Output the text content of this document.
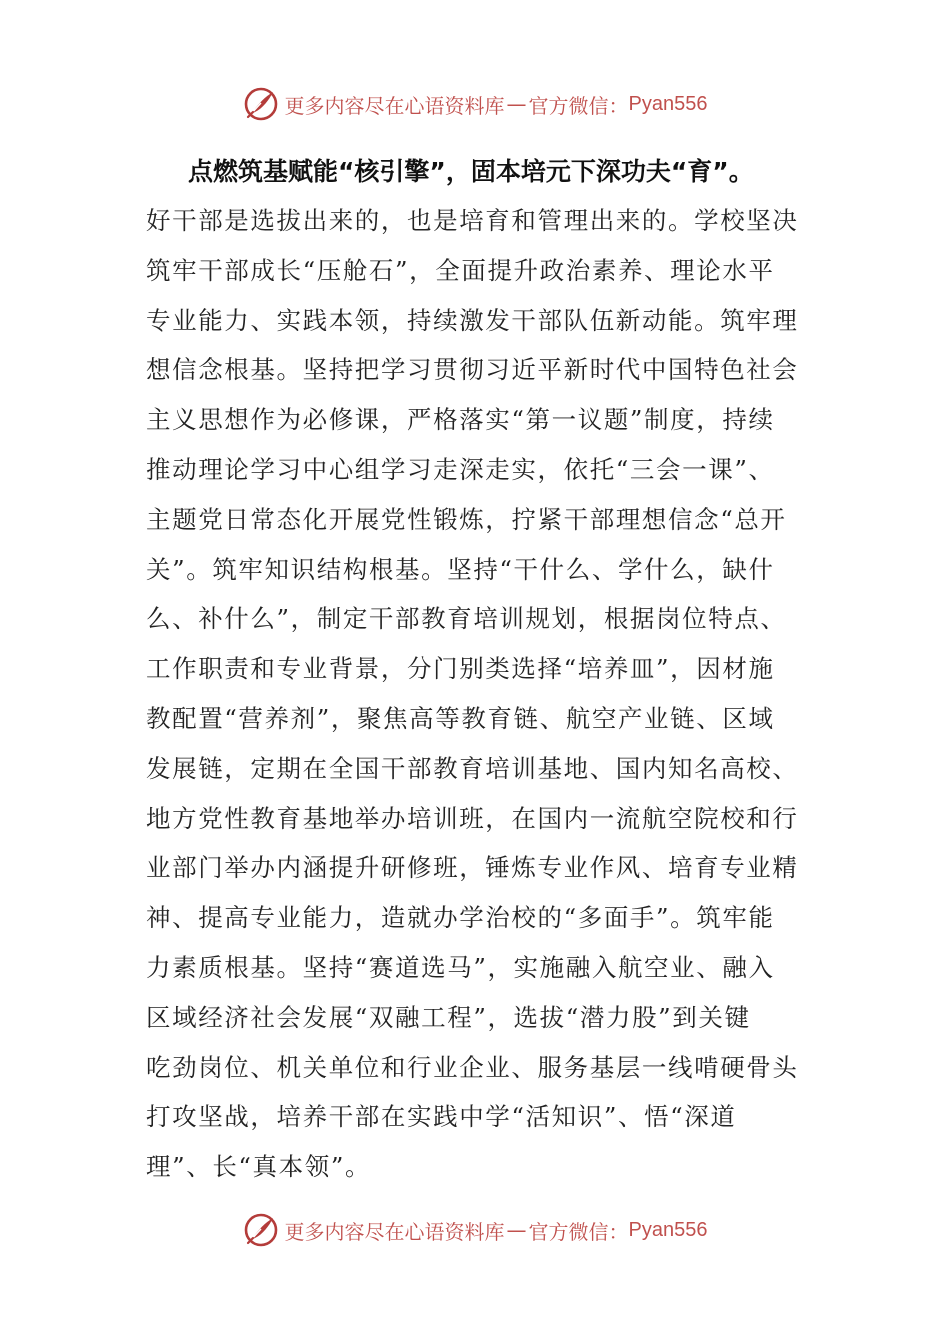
更多内容尽在心语资料库 — 官方微信： Pyan556
点燃筑基赋能“核引擎”，固本培元下深功夫“育”。
好干部是选拔出来的，也是培育和管理出来的。学校坚决
筑牢干部成长“压舱石”，全面提升政治素养、理论水平
专业能力、实践本领，持续激发干部队伍新动能。筑牢理
想信念根基。坚持把学习贯彻习近平新时代中国特色社会
主义思想作为必修课，严格落实“第一议题”制度，持续
推动理论学习中心组学习走深走实，依托“三会一课”、
主题党日常态化开展党性锻炼，拧紧干部理想信念“总开
关”。筑牢知识结构根基。坚持“干什么、学什么，缺什
么、补什么”，制定干部教育培训规划，根据岗位特点、
工作职责和专业背景，分门别类选择“培养皿”，因材施
教配置“营养剂”，聚焦高等教育链、航空产业链、区域
发展链，定期在全国干部教育培训基地、国内知名高校、
地方党性教育基地举办培训班，在国内一流航空院校和行
业部门举办内涵提升研修班，锤炼专业作风、培育专业精
神、提高专业能力，造就办学治校的“多面手”。筑牢能
力素质根基。坚持“赛道选马”，实施融入航空业、融入
区域经济社会发展“双融工程”，选拔“潜力股”到关键
吃劲岗位、机关单位和行业企业、服务基层一线啃硬骨头
打攻坚战，培养干部在实践中学“活知识”、悟“深道
理”、长“真本领”。
更多内容尽在心语资料库 — 官方微信： Pyan556
